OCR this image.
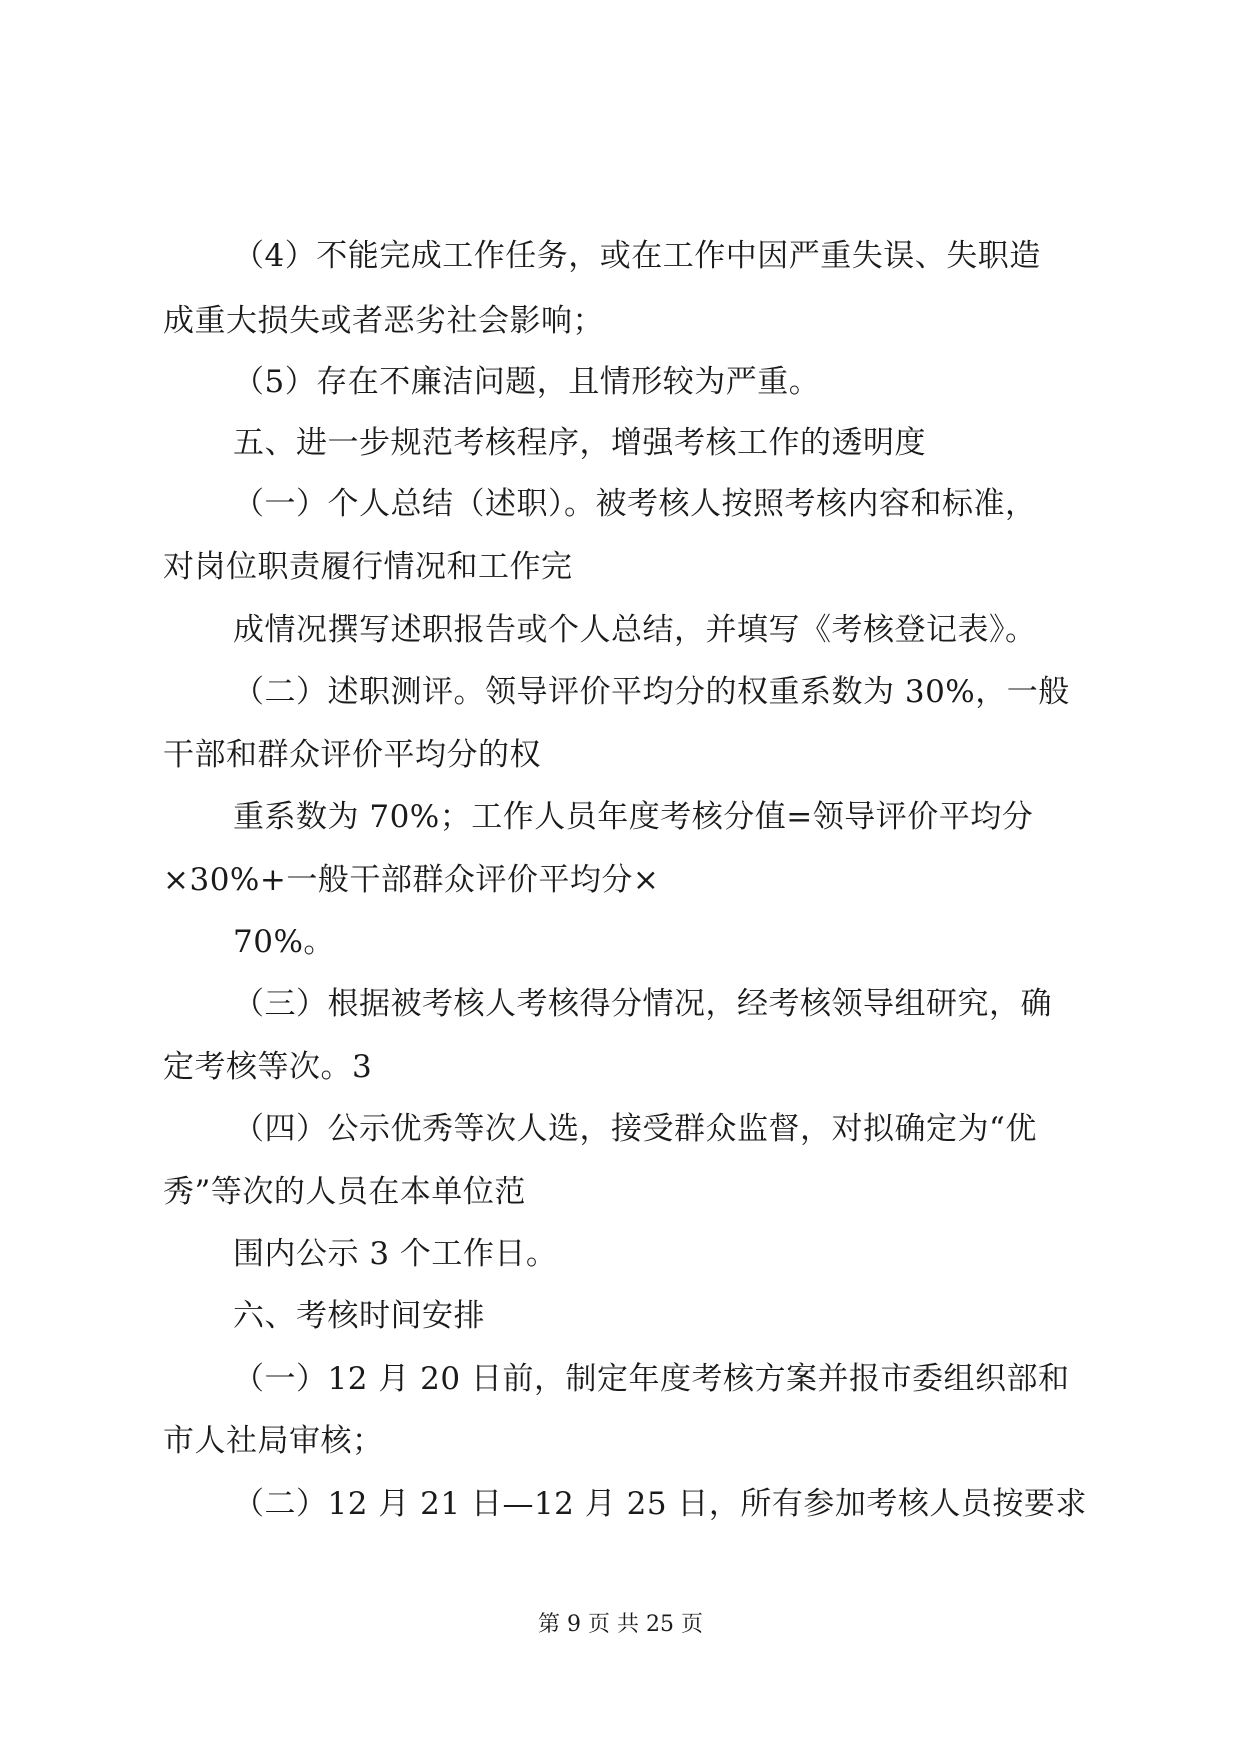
（4）不能完成工作任务，或在工作中因严重失误、失职造
成重大损失或者恶劣社会影响；
（5）存在不廉洁问题，且情形较为严重。
五、进一步规范考核程序，增强考核工作的透明度
（一）个人总结（述职）。被考核人按照考核内容和标准，
对岗位职责履行情况和工作完
成情况撰写述职报告或个人总结，并填写《考核登记表》。
（二）述职测评。领导评价平均分的权重系数为 30%，一般
干部和群众评价平均分的权
重系数为 70%；工作人员年度考核分值=领导评价平均分
×30%+一般干部群众评价平均分×
70%。
（三）根据被考核人考核得分情况，经考核领导组研究，确
定考核等次。3
（四）公示优秀等次人选，接受群众监督，对拟确定为“优
秀”等次的人员在本单位范
围内公示 3 个工作日。
六、考核时间安排
（一）12 月 20 日前，制定年度考核方案并报市委组织部和
市人社局审核；
（二）12 月 21 日—12 月 25 日，所有参加考核人员按要求
第 9 页 共 25 页
